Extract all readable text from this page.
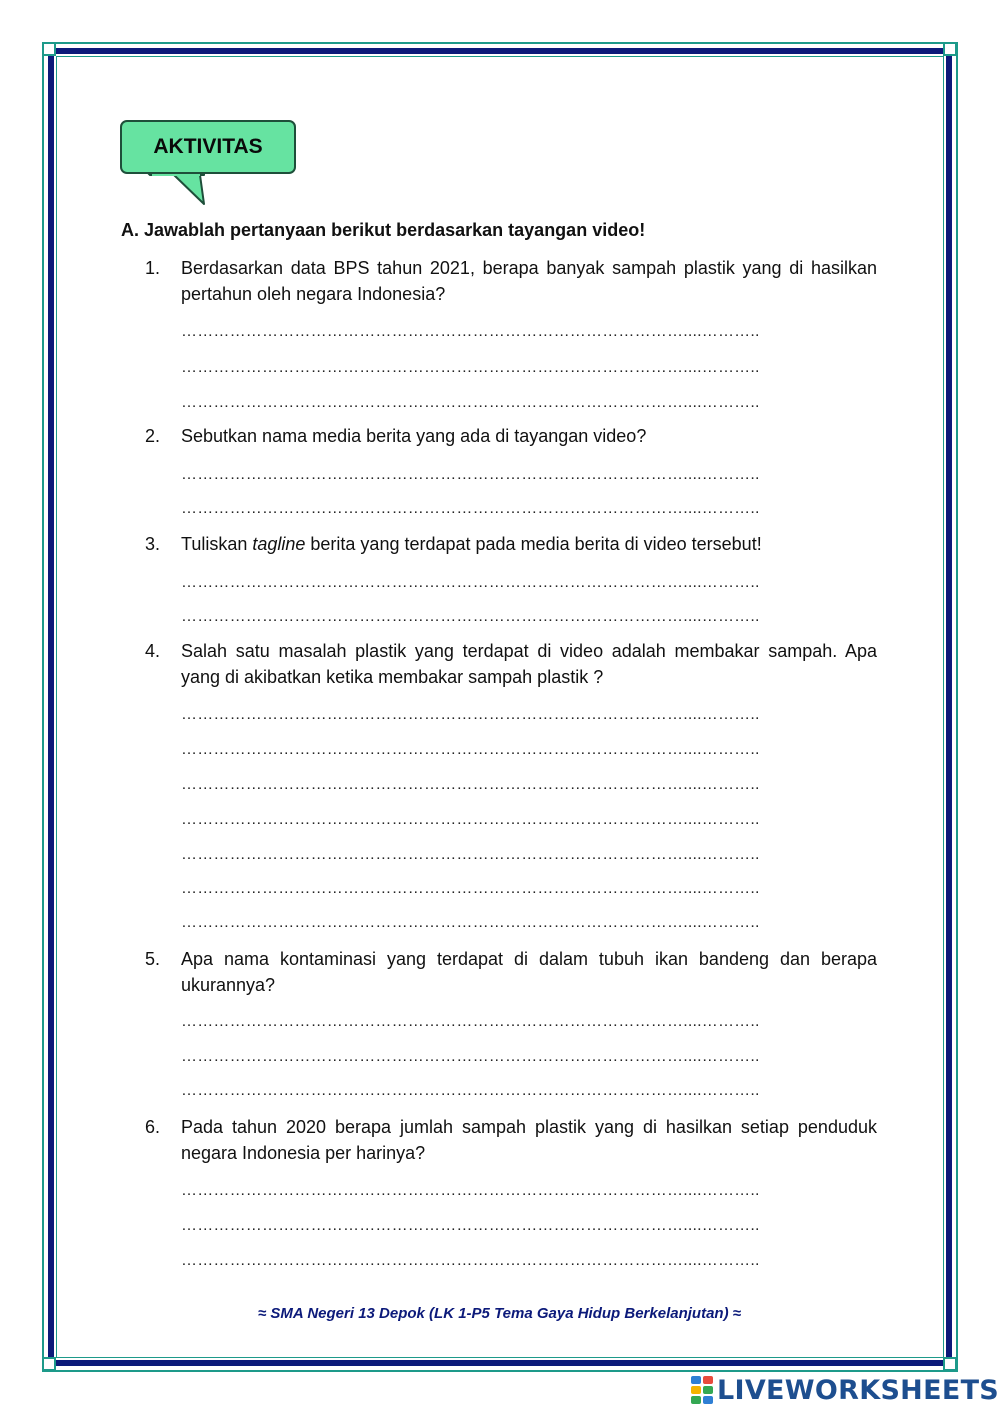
AKTIVITAS
A. Jawablah pertanyaan berikut berdasarkan tayangan video!
1.	Berdasarkan data BPS tahun 2021, berapa banyak sampah plastik yang di hasilkan pertahun oleh negara Indonesia?
…………………………………………………………………………………....………..
…………………………………………………………………………………....………..
…………………………………………………………………………………....………..
2.	Sebutkan nama media berita yang ada di tayangan video?
…………………………………………………………………………………....………..
…………………………………………………………………………………....………..
3.	Tuliskan tagline berita yang terdapat pada media berita di video tersebut!
…………………………………………………………………………………....………..
…………………………………………………………………………………....………..
4.	Salah satu masalah plastik yang terdapat di video adalah membakar sampah. Apa yang di akibatkan ketika membakar sampah plastik ?
…………………………………………………………………………………....………..
…………………………………………………………………………………....………..
…………………………………………………………………………………....………..
…………………………………………………………………………………....………..
…………………………………………………………………………………....………..
…………………………………………………………………………………....………..
…………………………………………………………………………………....………..
5.	Apa nama kontaminasi yang terdapat di dalam tubuh ikan bandeng dan berapa ukurannya?
…………………………………………………………………………………....………..
…………………………………………………………………………………....………..
…………………………………………………………………………………....………..
6.	Pada tahun 2020 berapa jumlah sampah plastik yang di hasilkan setiap penduduk negara Indonesia per harinya?
…………………………………………………………………………………....………..
…………………………………………………………………………………....………..
…………………………………………………………………………………....………..
≈ SMA Negeri 13 Depok (LK 1-P5 Tema Gaya Hidup Berkelanjutan) ≈
LIVEWORKSHEETS
